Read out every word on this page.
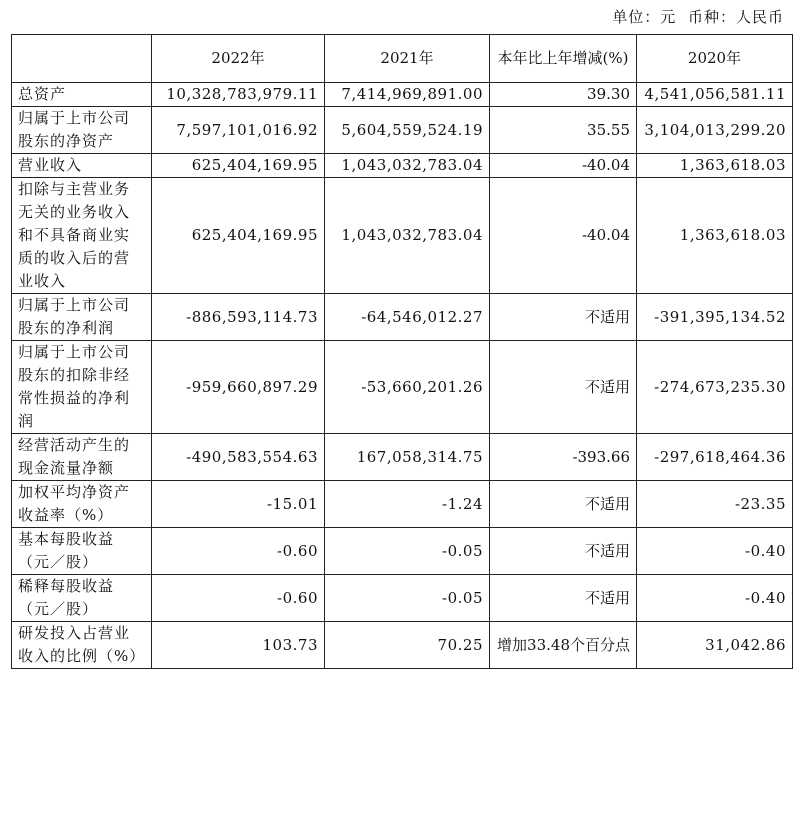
单位：元 币种：人民币
	2022年	2021年	本年比上年增减(%)	2020年
总资产	10,328,783,979.11	7,414,969,891.00	39.30	4,541,056,581.11
归属于上市公司股东的净资产	7,597,101,016.92	5,604,559,524.19	35.55	3,104,013,299.20
营业收入	625,404,169.95	1,043,032,783.04	-40.04	1,363,618.03
扣除与主营业务无关的业务收入和不具备商业实质的收入后的营业收入	625,404,169.95	1,043,032,783.04	-40.04	1,363,618.03
归属于上市公司股东的净利润	-886,593,114.73	-64,546,012.27	不适用	-391,395,134.52
归属于上市公司股东的扣除非经常性损益的净利润	-959,660,897.29	-53,660,201.26	不适用	-274,673,235.30
经营活动产生的现金流量净额	-490,583,554.63	167,058,314.75	-393.66	-297,618,464.36
加权平均净资产收益率（%）	-15.01	-1.24	不适用	-23.35
基本每股收益（元／股）	-0.60	-0.05	不适用	-0.40
稀释每股收益（元／股）	-0.60	-0.05	不适用	-0.40
研发投入占营业收入的比例（%）	103.73	70.25	增加33.48个百分点	31,042.86
